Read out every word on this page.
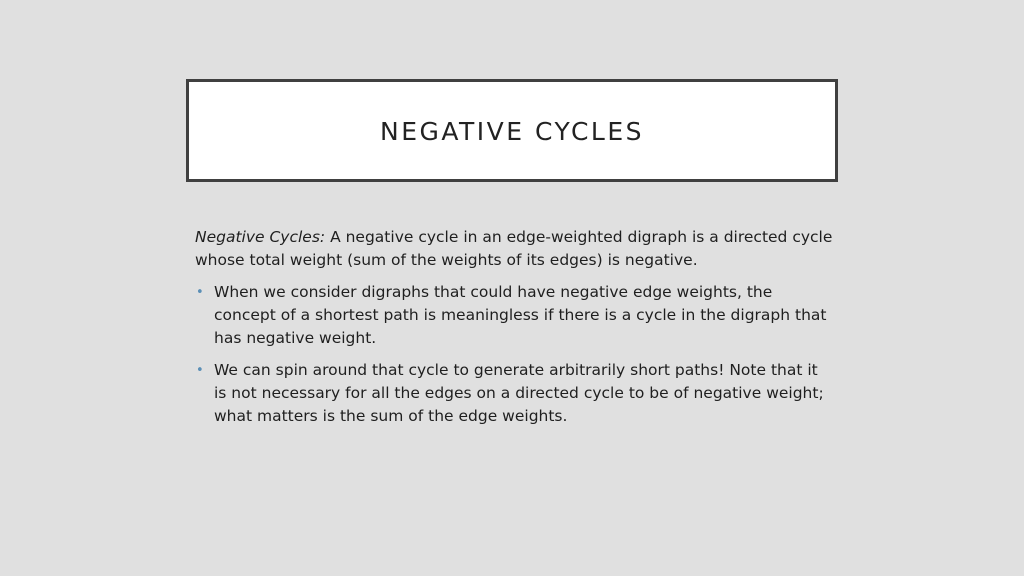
NEGATIVE CYCLES

Negative Cycles: A negative cycle in an edge-weighted digraph is a directed cycle whose total weight (sum of the weights of its edges) is negative.

• When we consider digraphs that could have negative edge weights, the concept of a shortest path is meaningless if there is a cycle in the digraph that has negative weight.
• We can spin around that cycle to generate arbitrarily short paths! Note that it is not necessary for all the edges on a directed cycle to be of negative weight; what matters is the sum of the edge weights.
